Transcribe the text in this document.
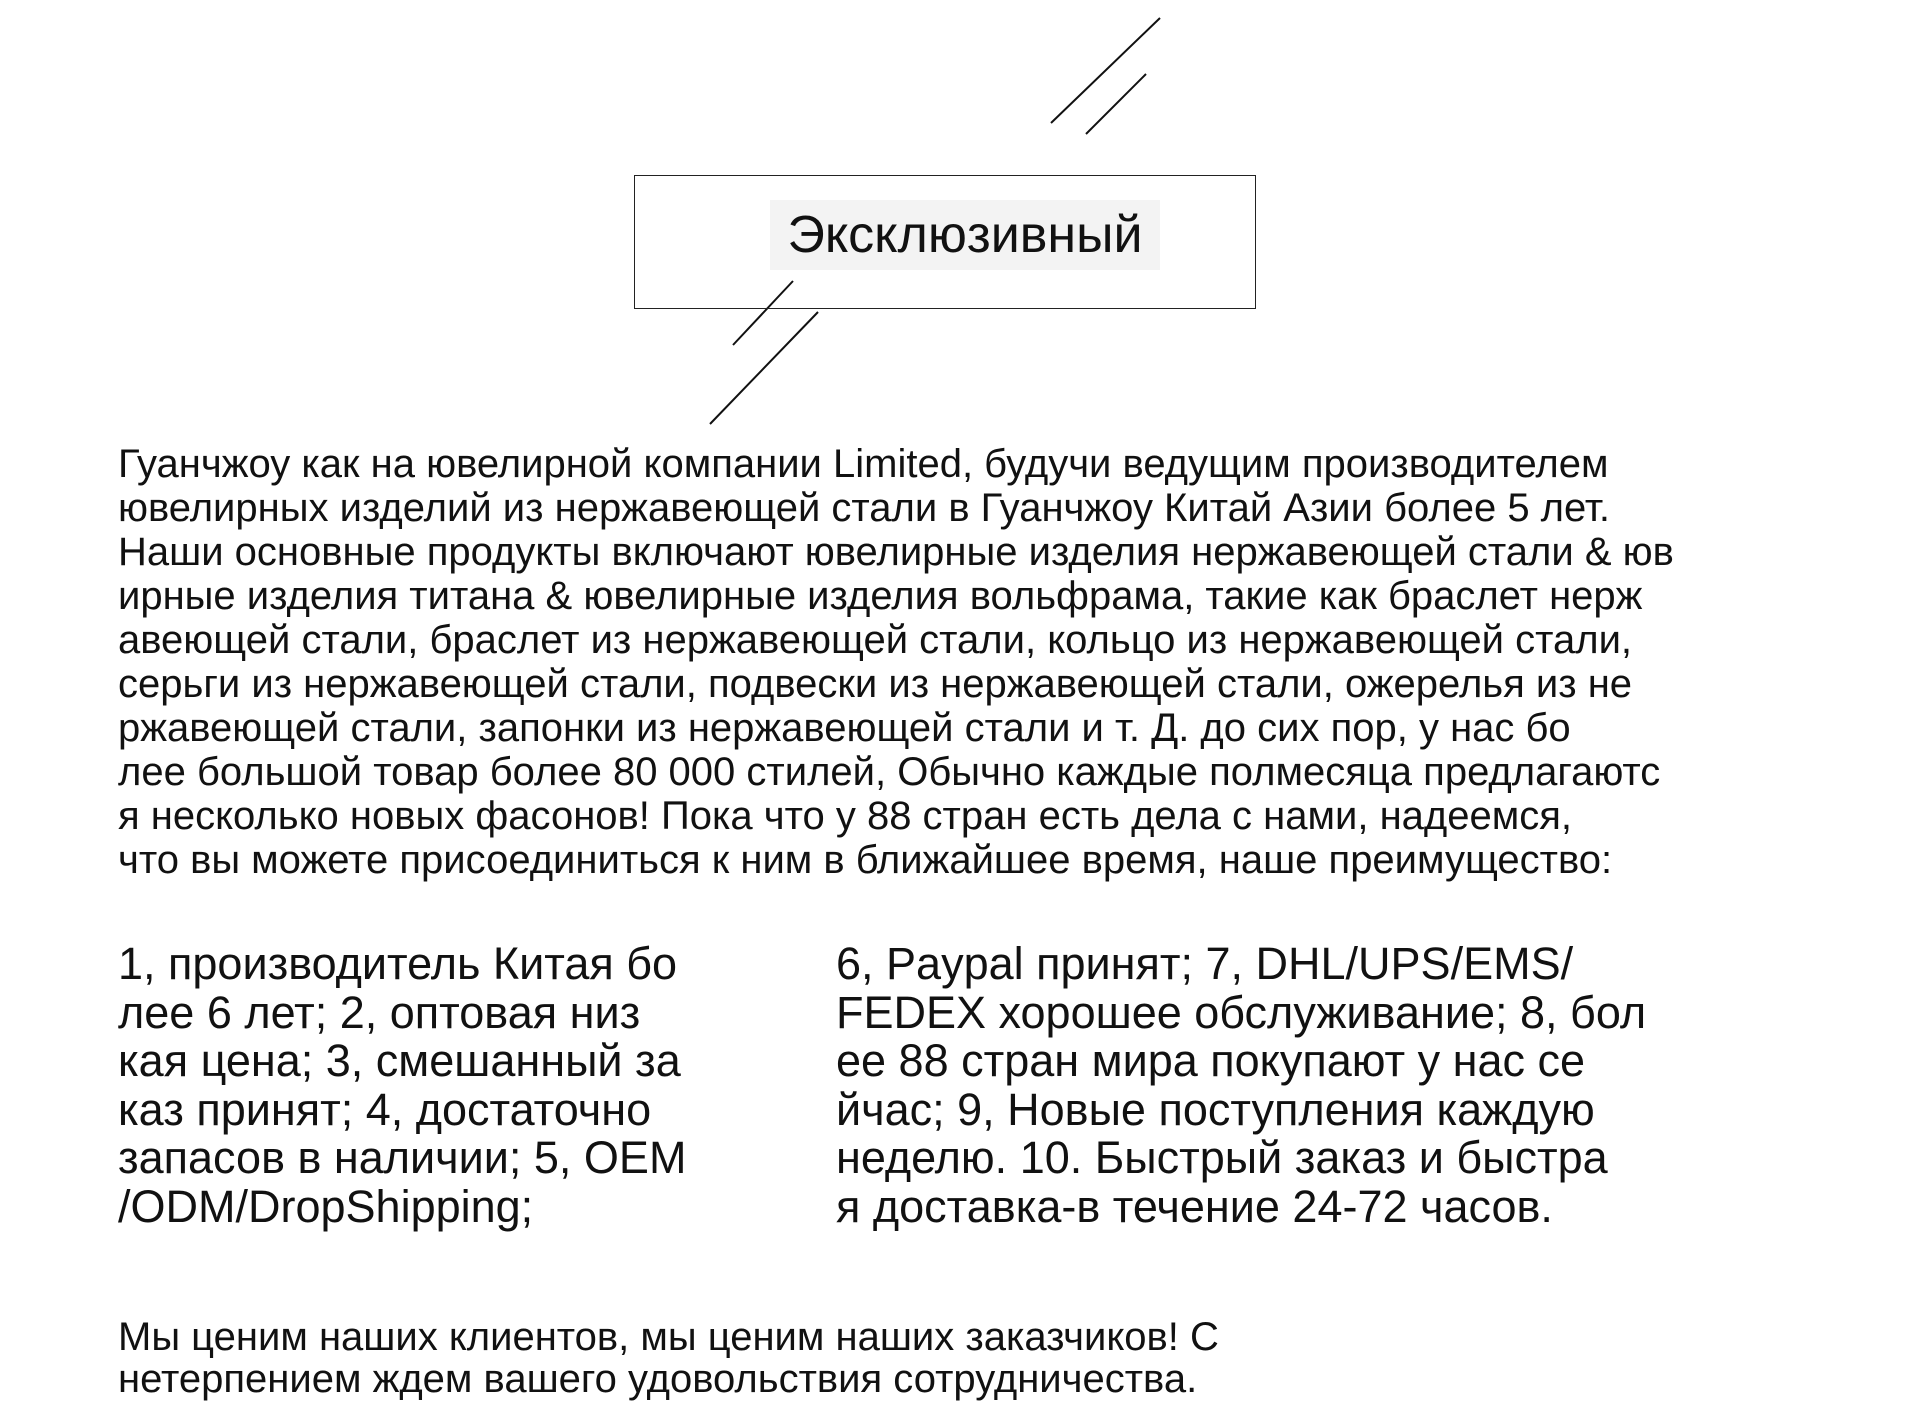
Эксклюзивный
Гуанчжоу как на ювелирной компании Limited, будучи ведущим производителем
ювелирных изделий из нержавеющей стали в Гуанчжоу Китай Азии более 5 лет.
Наши основные продукты включают ювелирные изделия нержавеющей стали & юв
ирные изделия титана & ювелирные изделия вольфрама, такие как браслет нерж
авеющей стали, браслет из нержавеющей стали, кольцо из нержавеющей стали,
серьги из нержавеющей стали, подвески из нержавеющей стали, ожерелья из не
ржавеющей стали, запонки из нержавеющей стали и т. Д. до сих пор, у нас бо
лее большой товар более 80 000 стилей, Обычно каждые полмесяца предлагаютс
я несколько новых фасонов! Пока что у 88 стран есть дела с нами, надеемся,
что вы можете присоединиться к ним в ближайшее время, наше преимущество:
1, производитель Китая бо
лее 6 лет; 2, оптовая низ
кая цена; 3, смешанный за
каз принят; 4, достаточно
запасов в наличии; 5, OEM
/ODM/DropShipping;
6, Paypal принят; 7, DHL/UPS/EMS/
FEDEX хорошее обслуживание; 8, бол
ее 88 стран мира покупают у нас се
йчас; 9, Новые поступления каждую
неделю. 10. Быстрый заказ и быстра
я доставка-в течение 24-72 часов.
Мы ценим наших клиентов, мы ценим наших заказчиков! С
нетерпением ждем вашего удовольствия сотрудничества.
